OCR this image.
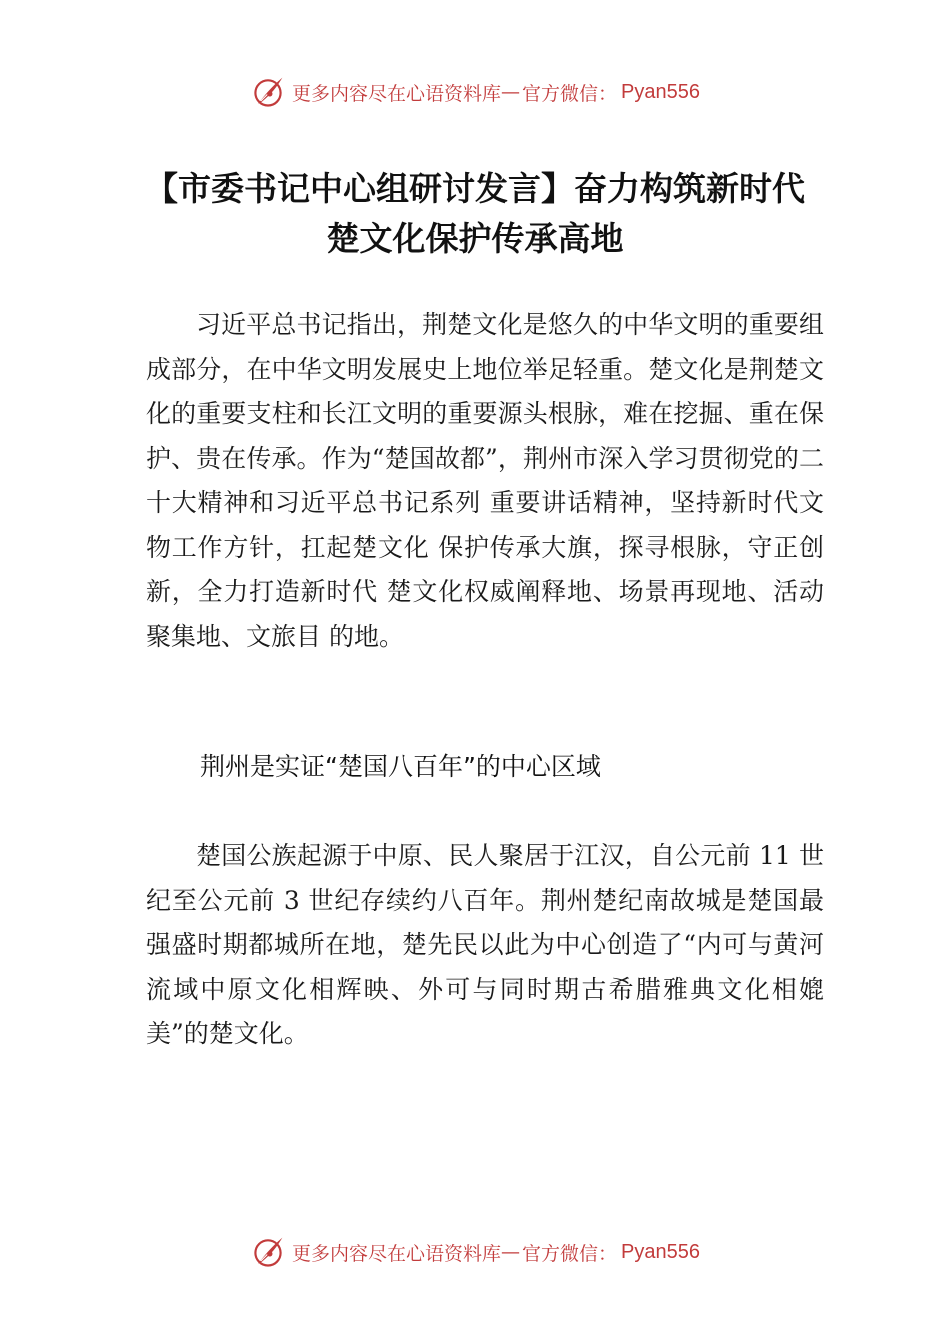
更多内容尽在心语资料库 — 官方微信： Pyan556
【市委书记中心组研讨发言】奋力构筑新时代楚文化保护传承高地

习近平总书记指出，荆楚文化是悠久的中华文明的重要组成部分，在中华文明发展史上地位举足轻重。楚文化是荆楚文化的重要支柱和长江文明的重要源头根脉，难在挖掘、重在保护、贵在传承。作为“楚国故都”，荆州市深入学习贯彻党的二十大精神和习近平总书记系列 重要讲话精神，坚持新时代文物工作方针，扛起楚文化 保护传承大旗，探寻根脉，守正创新，全力打造新时代 楚文化权威阐释地、场景再现地、活动聚集地、文旅目 的地。

荆州是实证“楚国八百年”的中心区域

楚国公族起源于中原、民人聚居于江汉，自公元前 11 世纪至公元前 3 世纪存续约八百年。荆州楚纪南故城是楚国最强盛时期都城所在地，楚先民以此为中心创造了“内可与黄河流域中原文化相辉映、外可与同时期古希腊雅典文化相媲美”的楚文化。

更多内容尽在心语资料库 — 官方微信： Pyan556
